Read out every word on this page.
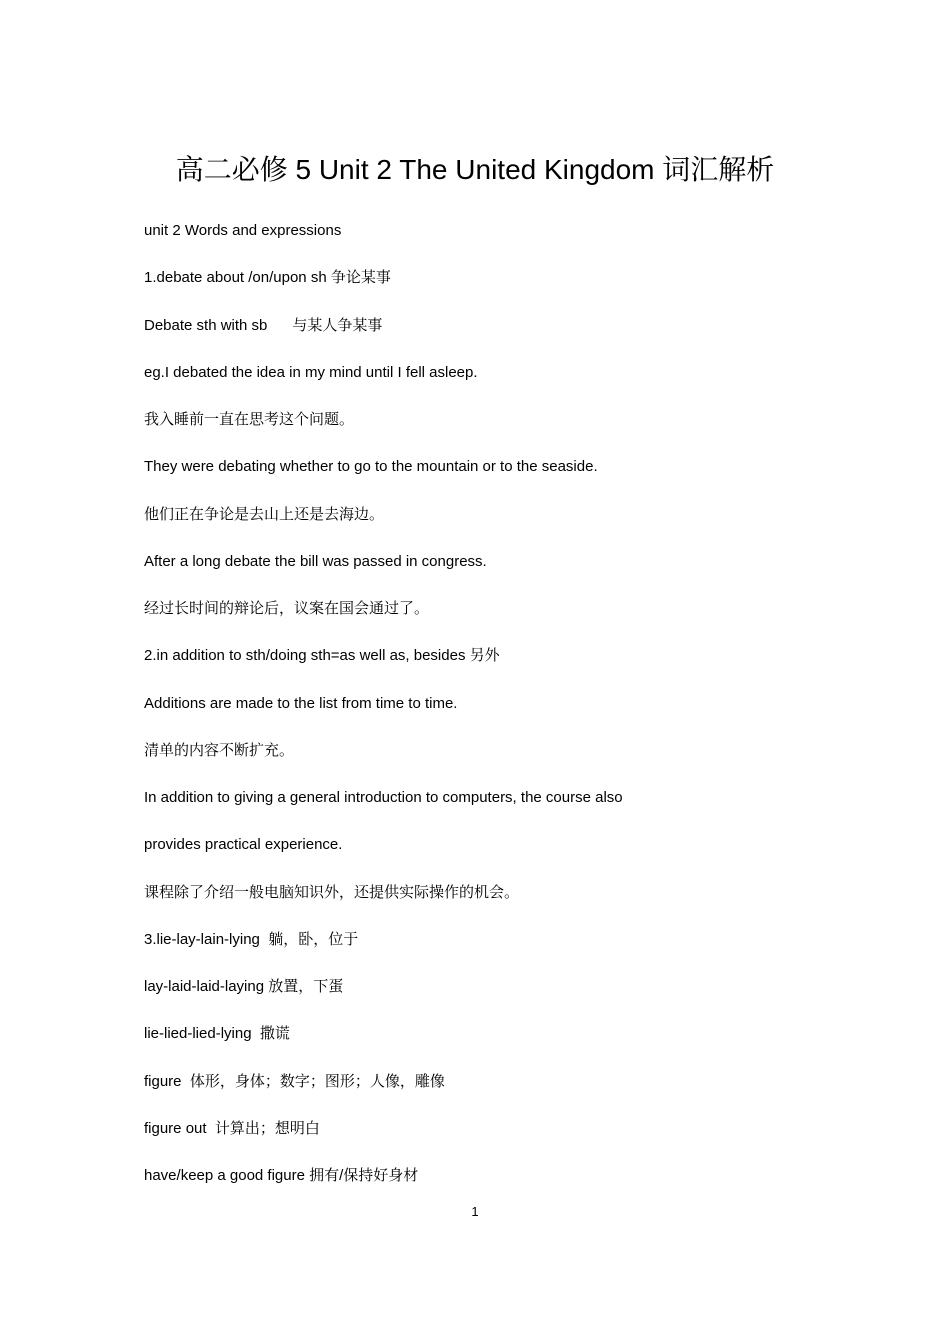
高二必修 5 Unit 2 The United Kingdom 词汇解析
unit 2 Words and expressions
1.debate about /on/upon sh 争论某事
Debate sth with sb      与某人争某事
eg.I debated the idea in my mind until I fell asleep.
我入睡前一直在思考这个问题。
They were debating whether to go to the mountain or to the seaside.
他们正在争论是去山上还是去海边。
After a long debate the bill was passed in congress.
经过长时间的辩论后，议案在国会通过了。
2.in addition to sth/doing sth=as well as, besides 另外
Additions are made to the list from time to time.
清单的内容不断扩充。
In addition to giving a general introduction to computers, the course also
provides practical experience.
课程除了介绍一般电脑知识外，还提供实际操作的机会。
3.lie-lay-lain-lying  躺，卧，位于
lay-laid-laid-laying 放置，下蛋
lie-lied-lied-lying  撒谎
figure  体形，身体；数字；图形；人像，雕像
figure out  计算出；想明白
have/keep a good figure 拥有/保持好身材
1
